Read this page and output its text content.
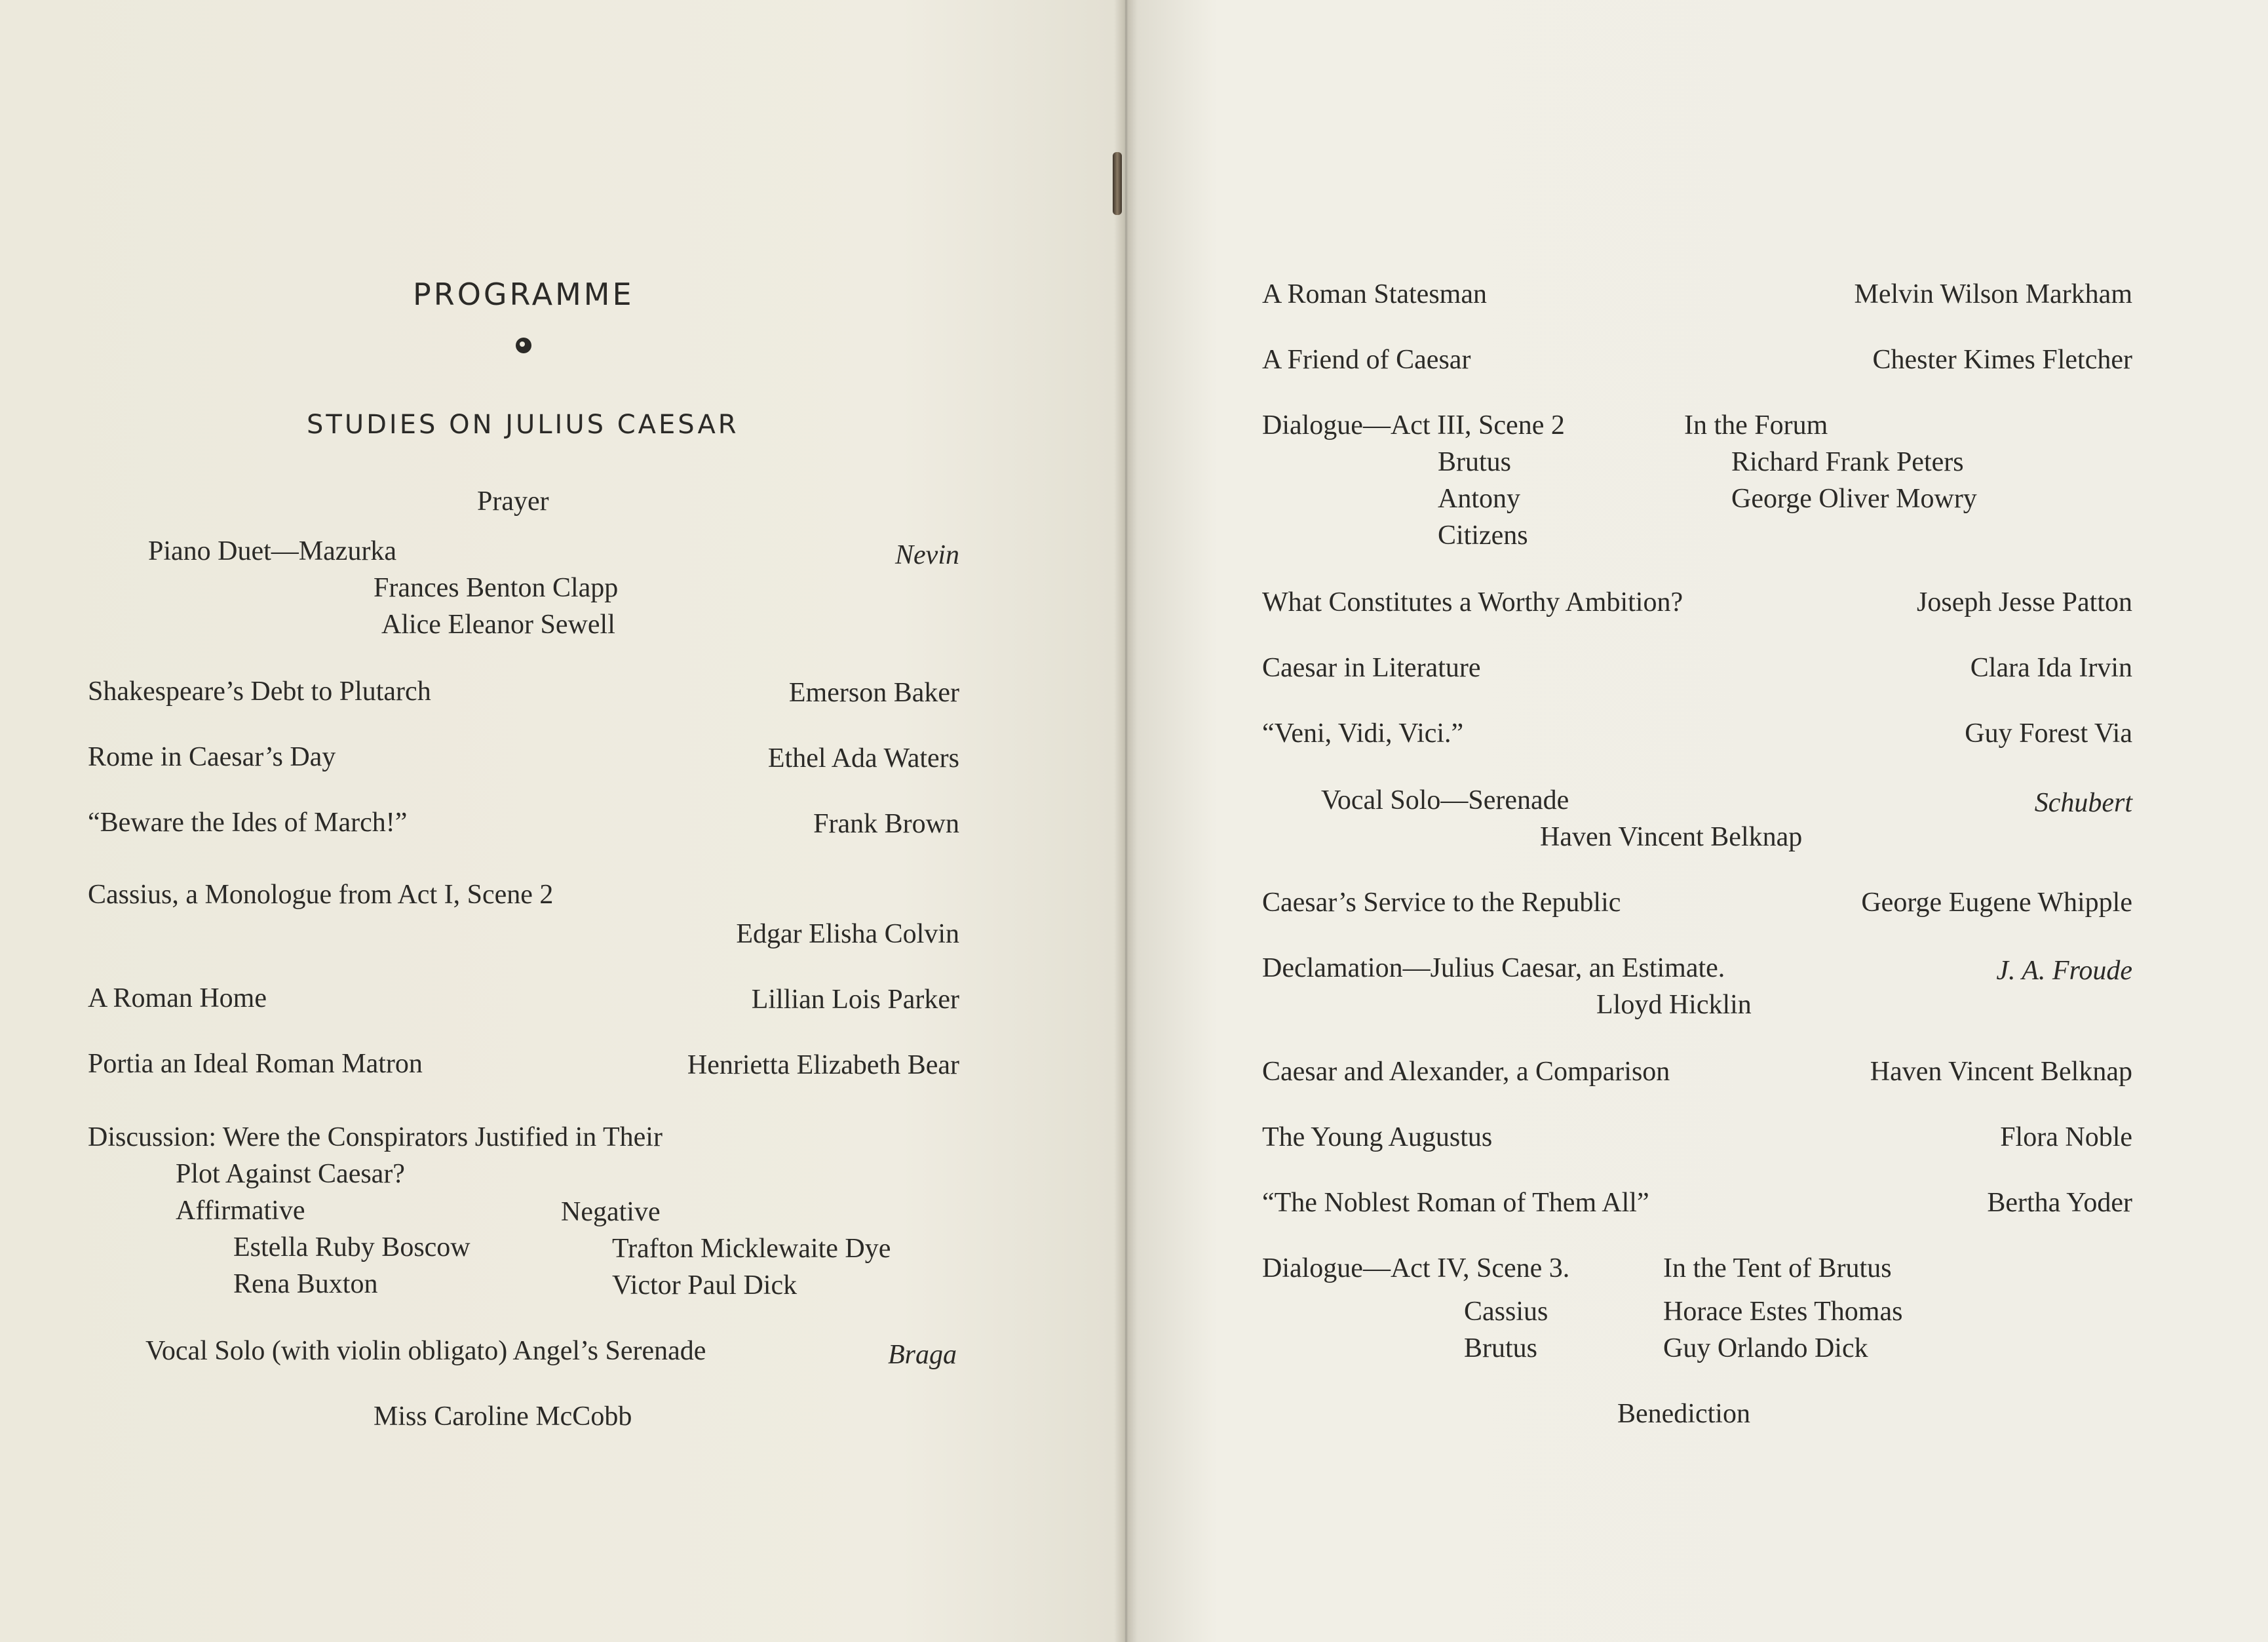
PROGRAMME
STUDIES ON JULIUS CAESAR
Prayer
Piano Duet—Mazurka	Nevin
Frances Benton Clapp
Alice Eleanor Sewell
Shakespeare’s Debt to Plutarch	Emerson Baker
Rome in Caesar’s Day	Ethel Ada Waters
“Beware the Ides of March!”	Frank Brown
Cassius, a Monologue from Act I, Scene 2
Edgar Elisha Colvin
A Roman Home	Lillian Lois Parker
Portia an Ideal Roman Matron	Henrietta Elizabeth Bear
Discussion: Were the Conspirators Justified in Their
Plot Against Caesar?
Affirmative	Negative
Estella Ruby Boscow	Trafton Micklewaite Dye
Rena Buxton	Victor Paul Dick
Vocal Solo (with violin obligato) Angel’s Serenade	Braga
Miss Caroline McCobb
A Roman Statesman	Melvin Wilson Markham
A Friend of Caesar	Chester Kimes Fletcher
Dialogue—Act III, Scene 2	In the Forum
Brutus	Richard Frank Peters
Antony	George Oliver Mowry
Citizens
What Constitutes a Worthy Ambition?	Joseph Jesse Patton
Caesar in Literature	Clara Ida Irvin
“Veni, Vidi, Vici.”	Guy Forest Via
Vocal Solo—Serenade	Schubert
Haven Vincent Belknap
Caesar’s Service to the Republic	George Eugene Whipple
Declamation—Julius Caesar, an Estimate.	J. A. Froude
Lloyd Hicklin
Caesar and Alexander, a Comparison	Haven Vincent Belknap
The Young Augustus	Flora Noble
“The Noblest Roman of Them All”	Bertha Yoder
Dialogue—Act IV, Scene 3.	In the Tent of Brutus
Cassius	Horace Estes Thomas
Brutus	Guy Orlando Dick
Benediction
